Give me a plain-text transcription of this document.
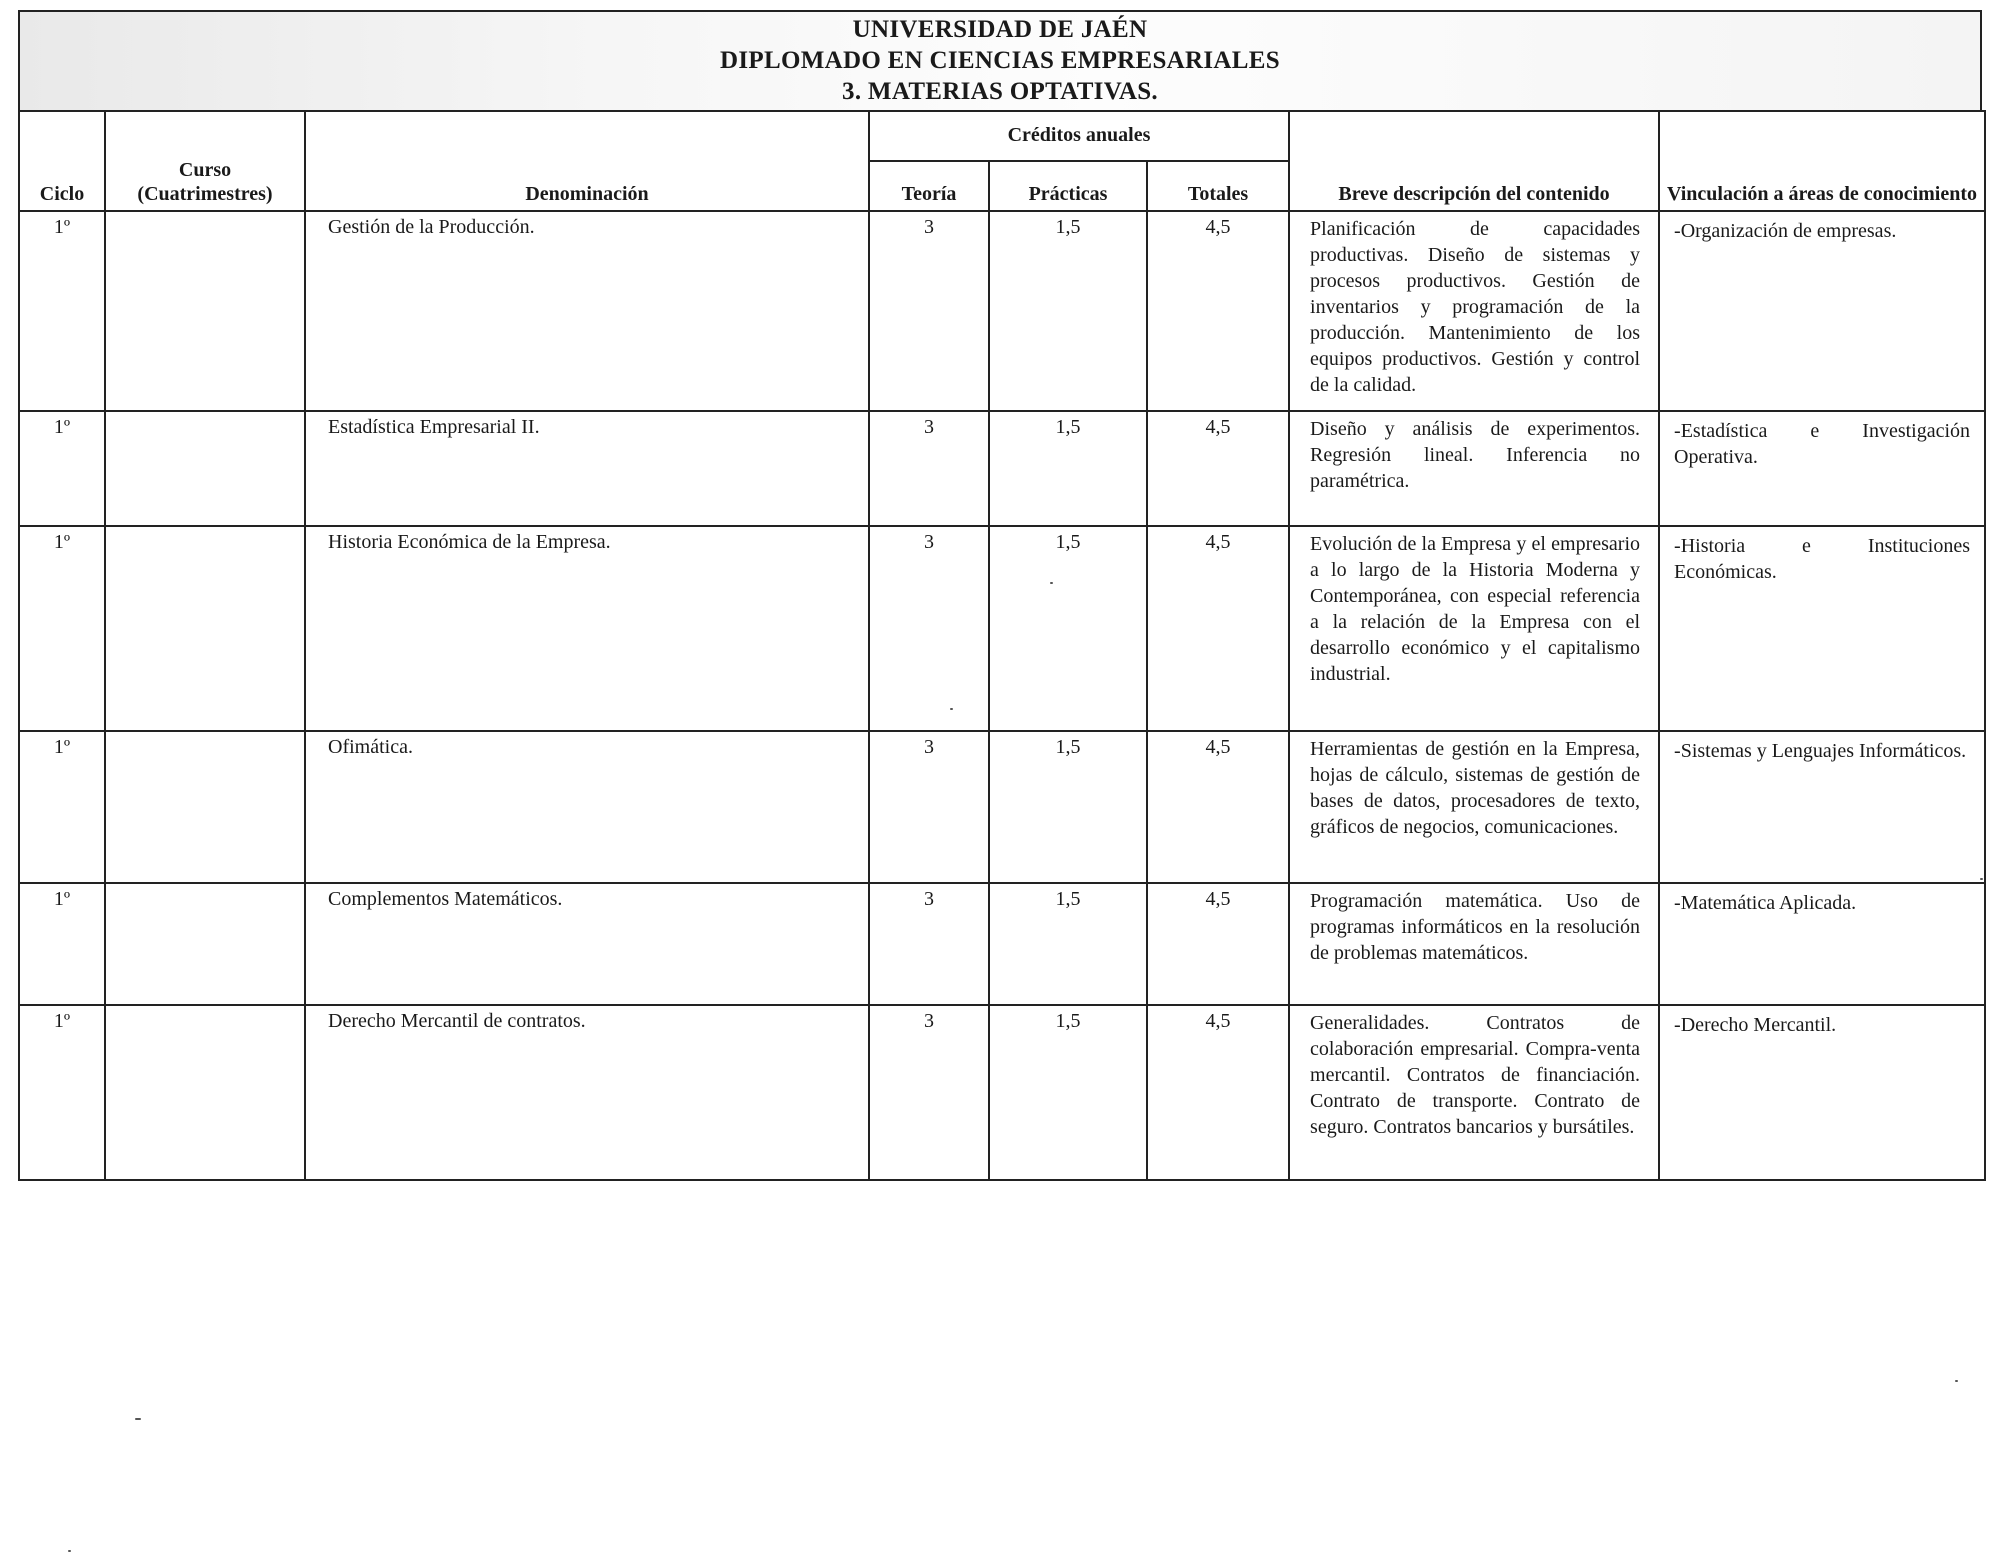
UNIVERSIDAD DE JAÉN
DIPLOMADO EN CIENCIAS EMPRESARIALES
3. MATERIAS OPTATIVAS.
Ciclo	Curso
(Cuatrimestres)	Denominación	Créditos anuales			Breve descripción del contenido	Vinculación a áreas de conocimiento
			Teoría	Prácticas	Totales		
1º		Gestión de la Producción.	3	1,5	4,5	Planificación de capacidades productivas. Diseño de sistemas y procesos productivos. Gestión de inventarios y programación de la producción. Mantenimiento de los equipos productivos. Gestión y control de la calidad.	-Organización de empresas.
1º		Estadística Empresarial II.	3	1,5	4,5	Diseño y análisis de experimentos. Regresión lineal. Inferencia no paramétrica.	-Estadística e Investigación Operativa.
1º		Historia Económica de la Empresa.	3	1,5	4,5	Evolución de la Empresa y el empresario a lo largo de la Historia Moderna y Contemporánea, con especial referencia a la relación de la Empresa con el desarrollo económico y el capitalismo industrial.	-Historia e Instituciones Económicas.
1º		Ofimática.	3	1,5	4,5	Herramientas de gestión en la Empresa, hojas de cálculo, sistemas de gestión de bases de datos, procesadores de texto, gráficos de negocios, comunicaciones.	-Sistemas y Lenguajes Informáticos.
1º		Complementos Matemáticos.	3	1,5	4,5	Programación matemática. Uso de programas informáticos en la resolución de problemas matemáticos.	-Matemática Aplicada.
1º		Derecho Mercantil de contratos.	3	1,5	4,5	Generalidades. Contratos de colaboración empresarial. Compra-venta mercantil. Contratos de financiación. Contrato de transporte. Contrato de seguro. Contratos bancarios y bursátiles.	-Derecho Mercantil.
